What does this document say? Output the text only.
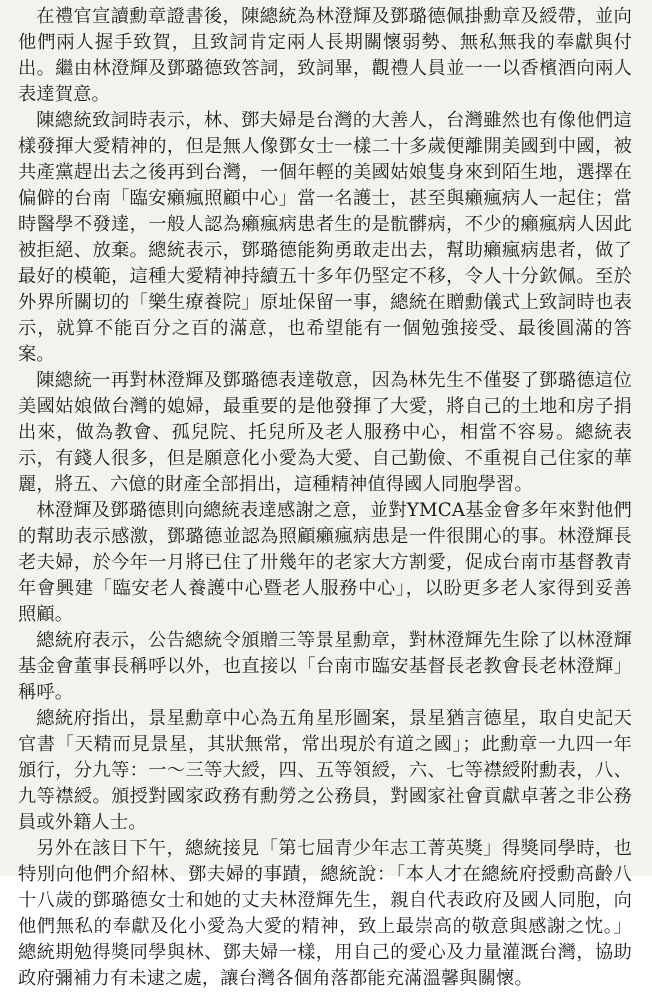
在禮官宣讀勳章證書後，陳總統為林澄輝及鄧璐德佩掛勳章及綬帶，並向他們兩人握手致賀，且致詞肯定兩人長期關懷弱勢、無私無我的奉獻與付出。繼由林澄輝及鄧璐德致答詞，致詞畢，觀禮人員並一一以香檳酒向兩人表達賀意。

陳總統致詞時表示，林、鄧夫婦是台灣的大善人，台灣雖然也有像他們這樣發揮大愛精神的，但是無人像鄧女士一樣二十多歲便離開美國到中國，被共產黨趕出去之後再到台灣，一個年輕的美國姑娘隻身來到陌生地，選擇在偏僻的台南「臨安癩瘋照顧中心」當一名護士，甚至與癩瘋病人一起住；當時醫學不發達，一般人認為癩瘋病患者生的是骯髒病，不少的癩瘋病人因此被拒絕、放棄。總統表示，鄧璐德能夠勇敢走出去，幫助癩瘋病患者，做了最好的模範，這種大愛精神持續五十多年仍堅定不移，令人十分欽佩。至於外界所關切的「樂生療養院」原址保留一事，總統在贈勳儀式上致詞時也表示，就算不能百分之百的滿意，也希望能有一個勉強接受、最後圓滿的答案。

陳總統一再對林澄輝及鄧璐德表達敬意，因為林先生不僅娶了鄧璐德這位美國姑娘做台灣的媳婦，最重要的是他發揮了大愛，將自己的土地和房子捐出來，做為教會、孤兒院、托兒所及老人服務中心，相當不容易。總統表示，有錢人很多，但是願意化小愛為大愛、自己勤儉、不重視自己住家的華麗，將五、六億的財產全部捐出，這種精神值得國人同胞學習。

林澄輝及鄧璐德則向總統表達感謝之意，並對YMCA基金會多年來對他們的幫助表示感激，鄧璐德並認為照顧癩瘋病患是一件很開心的事。林澄輝長老夫婦，於今年一月將已住了卅幾年的老家大方割愛，促成台南市基督教青年會興建「臨安老人養護中心暨老人服務中心」，以盼更多老人家得到妥善照顧。

總統府表示，公告總統令頒贈三等景星勳章，對林澄輝先生除了以林澄輝基金會董事長稱呼以外，也直接以「台南市臨安基督長老教會長老林澄輝」稱呼。

總統府指出，景星勳章中心為五角星形圖案，景星猶言德星，取自史記天官書「天精而見景星，其狀無常，常出現於有道之國」；此勳章一九四一年頒行，分九等：一～三等大綬，四、五等領綬，六、七等襟綬附勳表，八、九等襟綬。頒授對國家政務有勳勞之公務員，對國家社會貢獻卓著之非公務員或外籍人士。

另外在該日下午，總統接見「第七屆青少年志工菁英獎」得獎同學時，也特別向他們介紹林、鄧夫婦的事蹟，總統說：「本人才在總統府授勳高齡八十八歲的鄧璐德女士和她的丈夫林澄輝先生，親自代表政府及國人同胞，向他們無私的奉獻及化小愛為大愛的精神，致上最崇高的敬意與感謝之忱。」總統期勉得獎同學與林、鄧夫婦一樣，用自己的愛心及力量灌溉台灣，協助政府彌補力有未逮之處，讓台灣各個角落都能充滿溫馨與關懷。
